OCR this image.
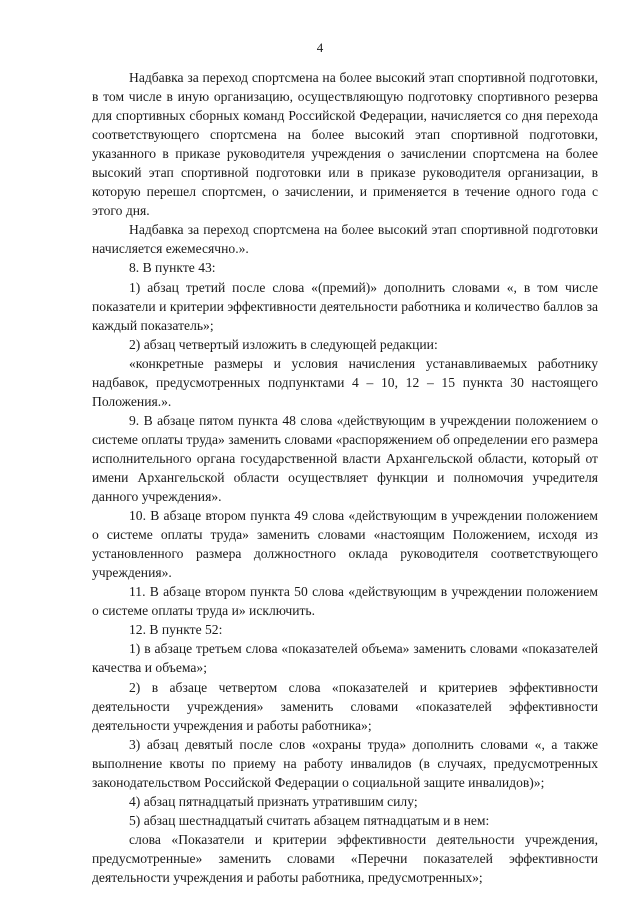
4

Надбавка за переход спортсмена на более высокий этап спортивной подготовки, в том числе в иную организацию, осуществляющую подготовку спортивного резерва для спортивных сборных команд Российской Федерации, начисляется со дня перехода соответствующего спортсмена на более высокий этап спортивной подготовки, указанного в приказе руководителя учреждения о зачислении спортсмена на более высокий этап спортивной подготовки или в приказе руководителя организации, в которую перешел спортсмен, о зачислении, и применяется в течение одного года с этого дня.

Надбавка за переход спортсмена на более высокий этап спортивной подготовки начисляется ежемесячно.».

8. В пункте 43:

1) абзац третий после слова «(премий)» дополнить словами «, в том числе показатели и критерии эффективности деятельности работника и количество баллов за каждый показатель»;

2) абзац четвертый изложить в следующей редакции:

«конкретные размеры и условия начисления устанавливаемых работнику надбавок, предусмотренных подпунктами 4 – 10, 12 – 15 пункта 30 настоящего Положения.».

9. В абзаце пятом пункта 48 слова «действующим в учреждении положением о системе оплаты труда» заменить словами «распоряжением об определении его размера исполнительного органа государственной власти Архангельской области, который от имени Архангельской области осуществляет функции и полномочия учредителя данного учреждения».

10. В абзаце втором пункта 49 слова «действующим в учреждении положением о системе оплаты труда» заменить словами «настоящим Положением, исходя из установленного размера должностного оклада руководителя соответствующего учреждения».

11. В абзаце втором пункта 50 слова «действующим в учреждении положением о системе оплаты труда и» исключить.

12. В пункте 52:

1) в абзаце третьем слова «показателей объема» заменить словами «показателей качества и объема»;

2) в абзаце четвертом слова «показателей и критериев эффективности деятельности учреждения» заменить словами «показателей эффективности деятельности учреждения и работы работника»;

3) абзац девятый после слов «охраны труда» дополнить словами «, а также выполнение квоты по приему на работу инвалидов (в случаях, предусмотренных законодательством Российской Федерации о социальной защите инвалидов)»;

4) абзац пятнадцатый признать утратившим силу;

5) абзац шестнадцатый считать абзацем пятнадцатым и в нем:

слова «Показатели и критерии эффективности деятельности учреждения, предусмотренные» заменить словами «Перечни показателей эффективности деятельности учреждения и работы работника, предусмотренных»;
